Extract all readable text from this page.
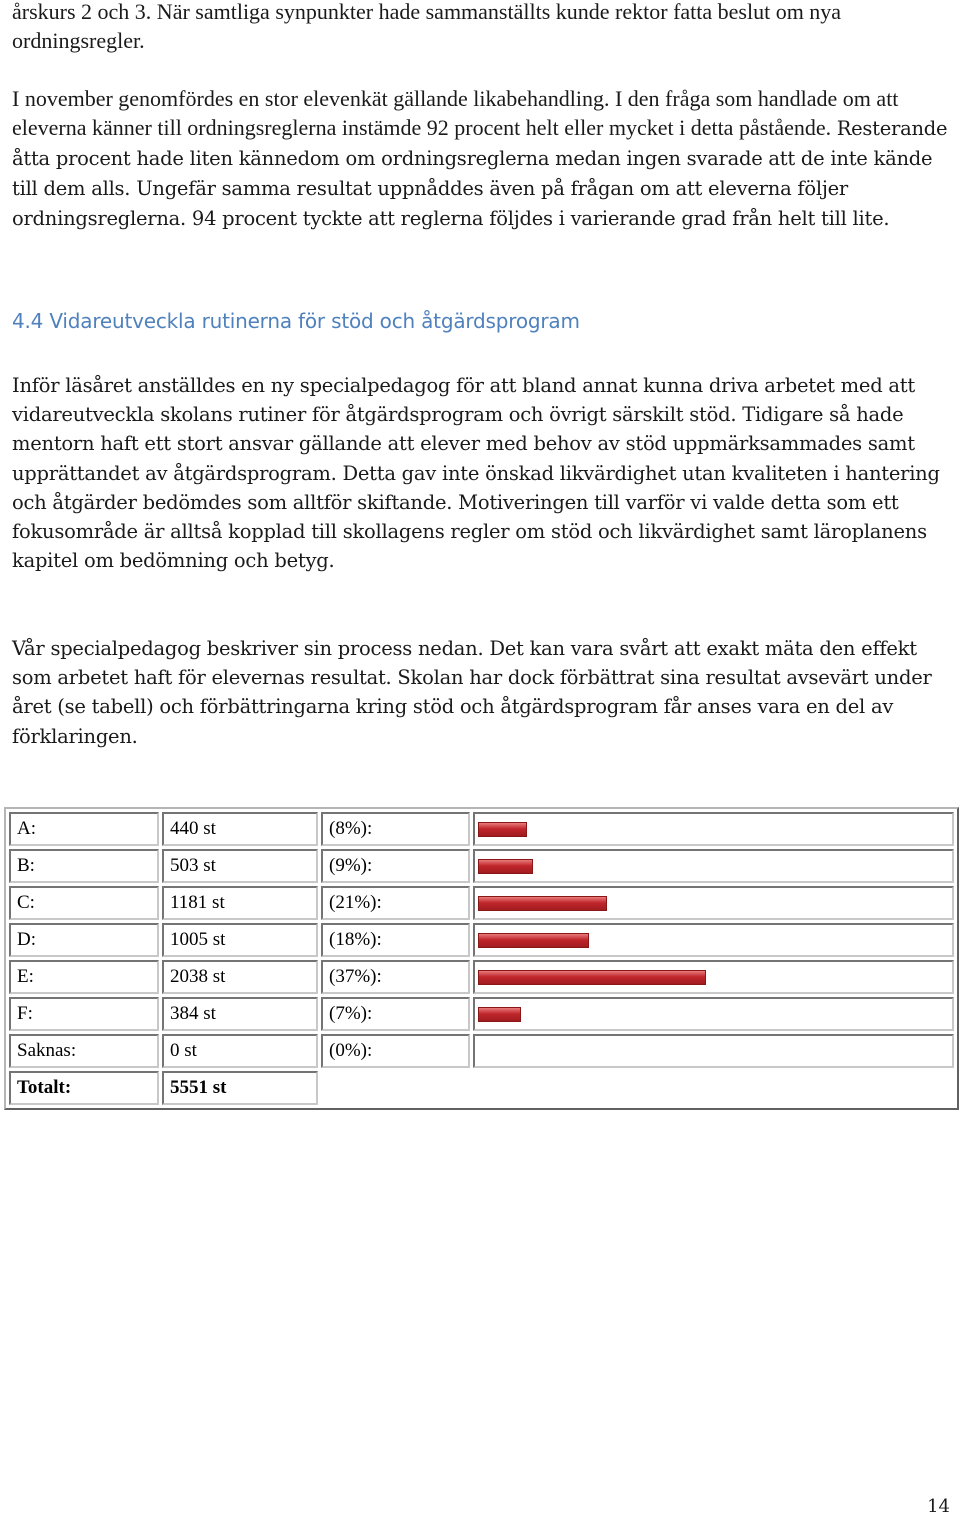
årskurs 2 och 3. När samtliga synpunkter hade sammanställts kunde rektor fatta beslut om nya ordningsregler.

I november genomfördes en stor elevenkät gällande likabehandling. I den fråga som handlade om att eleverna känner till ordningsreglerna instämde 92 procent helt eller mycket i detta påstående. Resterande åtta procent hade liten kännedom om ordningsreglerna medan ingen svarade att de inte kände till dem alls. Ungefär samma resultat uppnåddes även på frågan om att eleverna följer ordningsreglerna. 94 procent tyckte att reglerna följdes i varierande grad från helt till lite.

4.4 Vidareutveckla rutinerna för stöd och åtgärdsprogram

Inför läsåret anställdes en ny specialpedagog för att bland annat kunna driva arbetet med att vidareutveckla skolans rutiner för åtgärdsprogram och övrigt särskilt stöd. Tidigare så hade mentorn haft ett stort ansvar gällande att elever med behov av stöd uppmärksammades samt upprättandet av åtgärdsprogram. Detta gav inte önskad likvärdighet utan kvaliteten i hantering och åtgärder bedömdes som alltför skiftande. Motiveringen till varför vi valde detta som ett fokusområde är alltså kopplad till skollagens regler om stöd och likvärdighet samt läroplanens kapitel om bedömning och betyg.

Vår specialpedagog beskriver sin process nedan. Det kan vara svårt att exakt mäta den effekt som arbetet haft för elevernas resultat. Skolan har dock förbättrat sina resultat avsevärt under året (se tabell) och förbättringarna kring stöd och åtgärdsprogram får anses vara en del av förklaringen.

A:	440 st	(8%):	

B:	503 st	(9%):	

C:	1181 st	(21%):	

D:	1005 st	(18%):	

E:	2038 st	(37%):	

F:	384 st	(7%):	

Saknas:	0 st	(0%):	
Totalt:	5551 st		
14
